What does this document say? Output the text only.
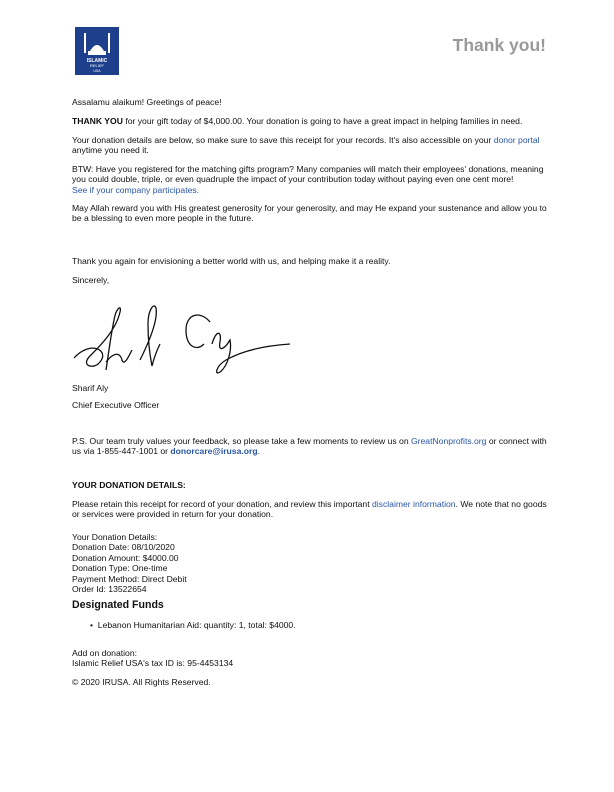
ISLAMIC
RELIEF
USA
Thank you!

Assalamu alaikum! Greetings of peace!

THANK YOU for your gift today of $4,000.00. Your donation is going to have a great impact in helping families in need.

Your donation details are below, so make sure to save this receipt for your records. It's also accessible on your donor portal
anytime you need it.

BTW: Have you registered for the matching gifts program? Many companies will match their employees' donations, meaning you could double, triple, or even quadruple the impact of your contribution today without paying even one cent more!
See if your company participates.

May Allah reward you with His greatest generosity for your generosity, and may He expand your sustenance and allow you to be a blessing to even more people in the future.

Thank you again for envisioning a better world with us, and helping make it a reality.

Sincerely,

Sharif Aly

Chief Executive Officer

P.S. Our team truly values your feedback, so please take a few moments to review us on GreatNonprofits.org or connect with us via 1-855-447-1001 or donorcare@irusa.org.

YOUR DONATION DETAILS:

Please retain this receipt for record of your donation, and review this important disclaimer information. We note that no goods or services were provided in return for your donation.

Your Donation Details:
Donation Date: 08/10/2020
Donation Amount: $4000.00
Donation Type: One-time
Payment Method: Direct Debit
Order Id: 13522654

Designated Funds

•  Lebanon Humanitarian Aid: quantity: 1, total: $4000.

Add on donation:

Islamic Relief USA's tax ID is: 95-4453134

© 2020 IRUSA. All Rights Reserved.
